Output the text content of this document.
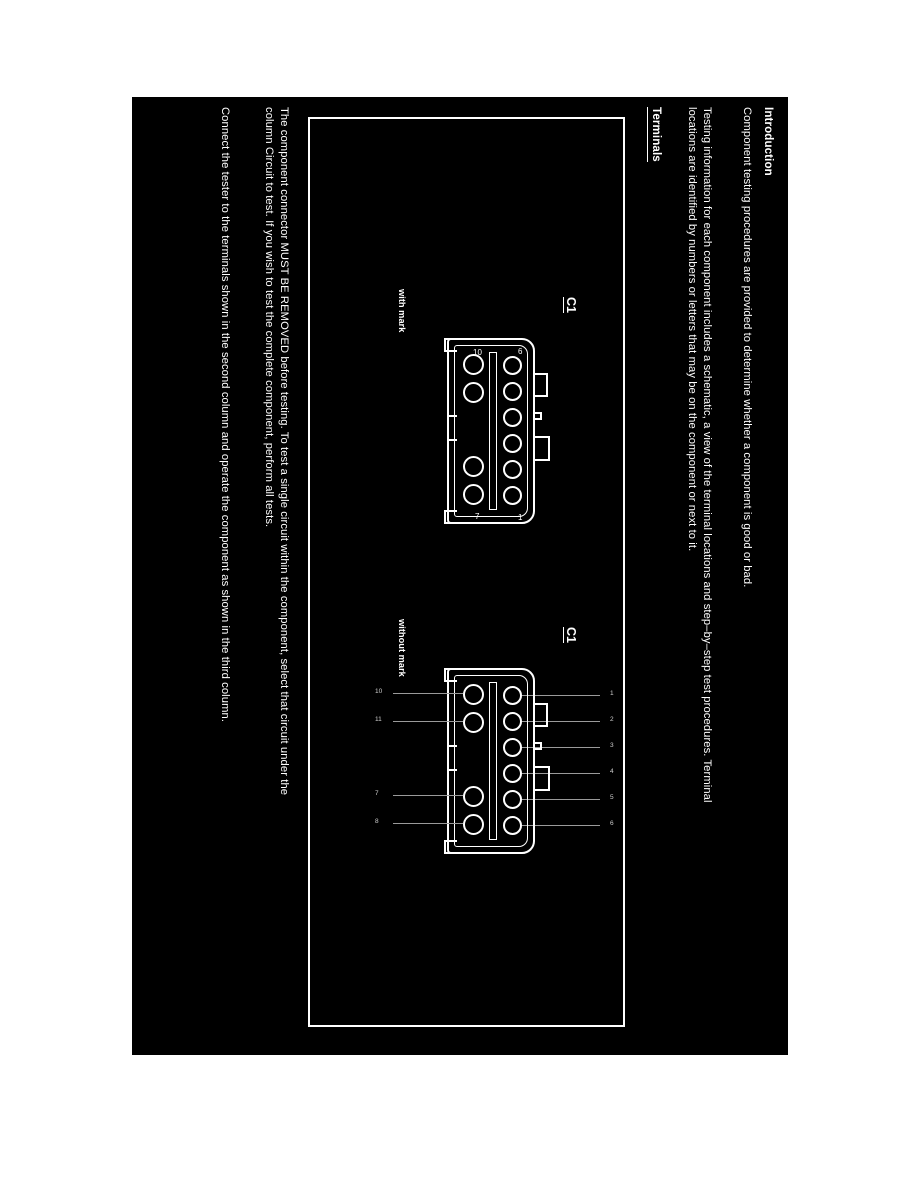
Introduction
Component testing procedures are provided to determine whether a component is good or bad.
Testing information for each component includes a schematic, a view of the terminal locations and step–by–step test procedures. Terminal
locations are identified by numbers or letters that may be on the component or next to it.
Terminals
C1
with mark
6
1
10
7
C1
without mark
1
2
3
4
5
6
10
11
7
8
The component connector MUST BE REMOVED before testing. To test a single circuit within the component, select that circuit under the
column Circuit to test. If you wish to test the complete component, perform all tests.
Connect the tester to the terminals shown in the second column and operate the component as shown in the third column.
